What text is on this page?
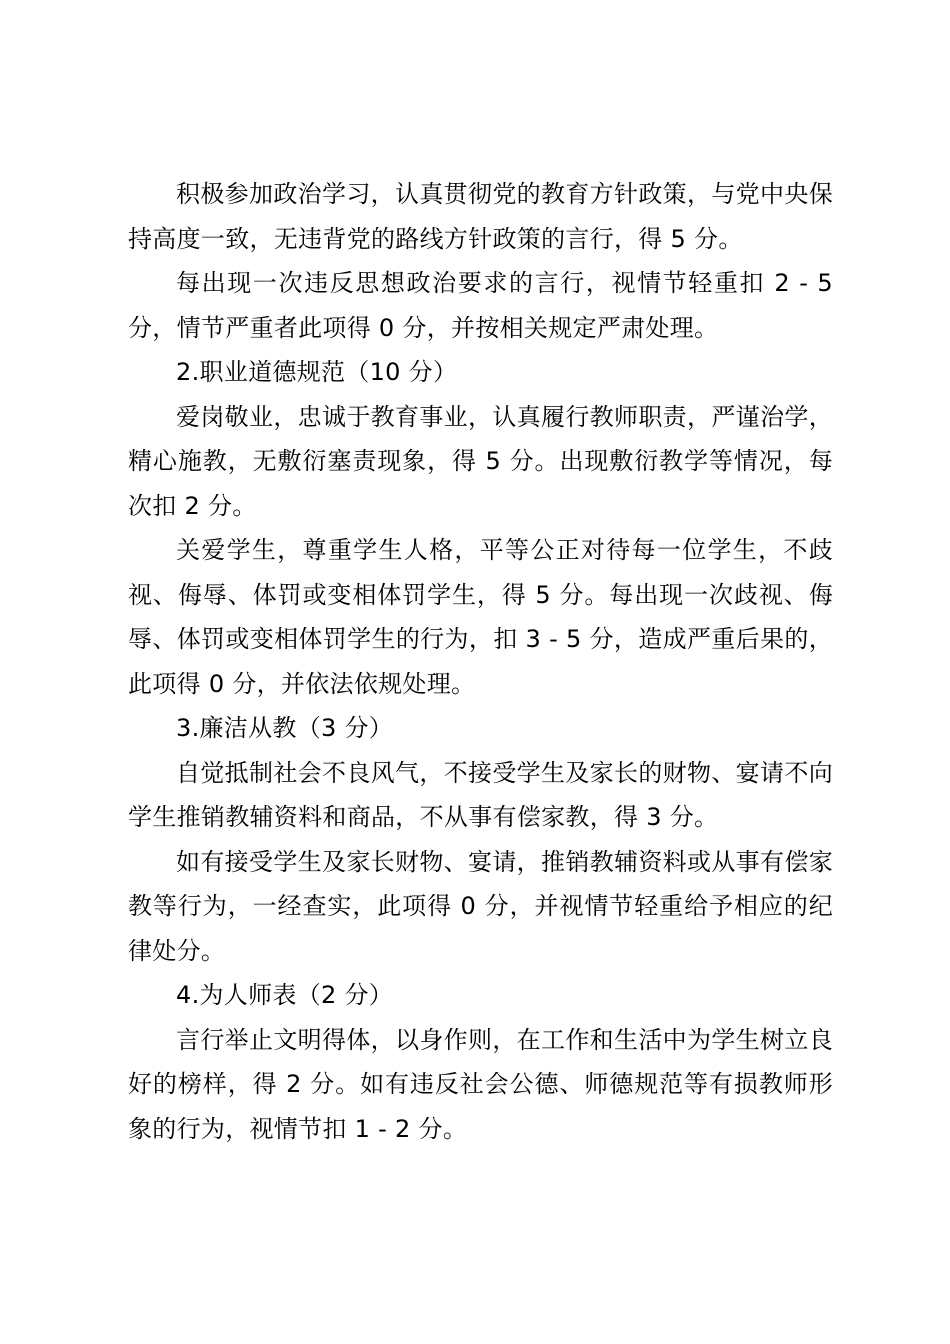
积极参加政治学习，认真贯彻党的教育方针政策，与党中央保持高度一致，无违背党的路线方针政策的言行，得 5 分。

每出现一次违反思想政治要求的言行，视情节轻重扣 2 - 5 分，情节严重者此项得 0 分，并按相关规定严肃处理。

2.职业道德规范（10 分）

爱岗敬业，忠诚于教育事业，认真履行教师职责，严谨治学，精心施教，无敷衍塞责现象，得 5 分。出现敷衍教学等情况，每次扣 2 分。

关爱学生，尊重学生人格，平等公正对待每一位学生，不歧视、侮辱、体罚或变相体罚学生，得 5 分。每出现一次歧视、侮辱、体罚或变相体罚学生的行为，扣 3 - 5 分，造成严重后果的，此项得 0 分，并依法依规处理。

3.廉洁从教（3 分）

自觉抵制社会不良风气，不接受学生及家长的财物、宴请不向学生推销教辅资料和商品，不从事有偿家教，得 3 分。

如有接受学生及家长财物、宴请，推销教辅资料或从事有偿家教等行为，一经查实，此项得 0 分，并视情节轻重给予相应的纪律处分。

4.为人师表（2 分）

言行举止文明得体，以身作则，在工作和生活中为学生树立良好的榜样，得 2 分。如有违反社会公德、师德规范等有损教师形象的行为，视情节扣 1 - 2 分。
